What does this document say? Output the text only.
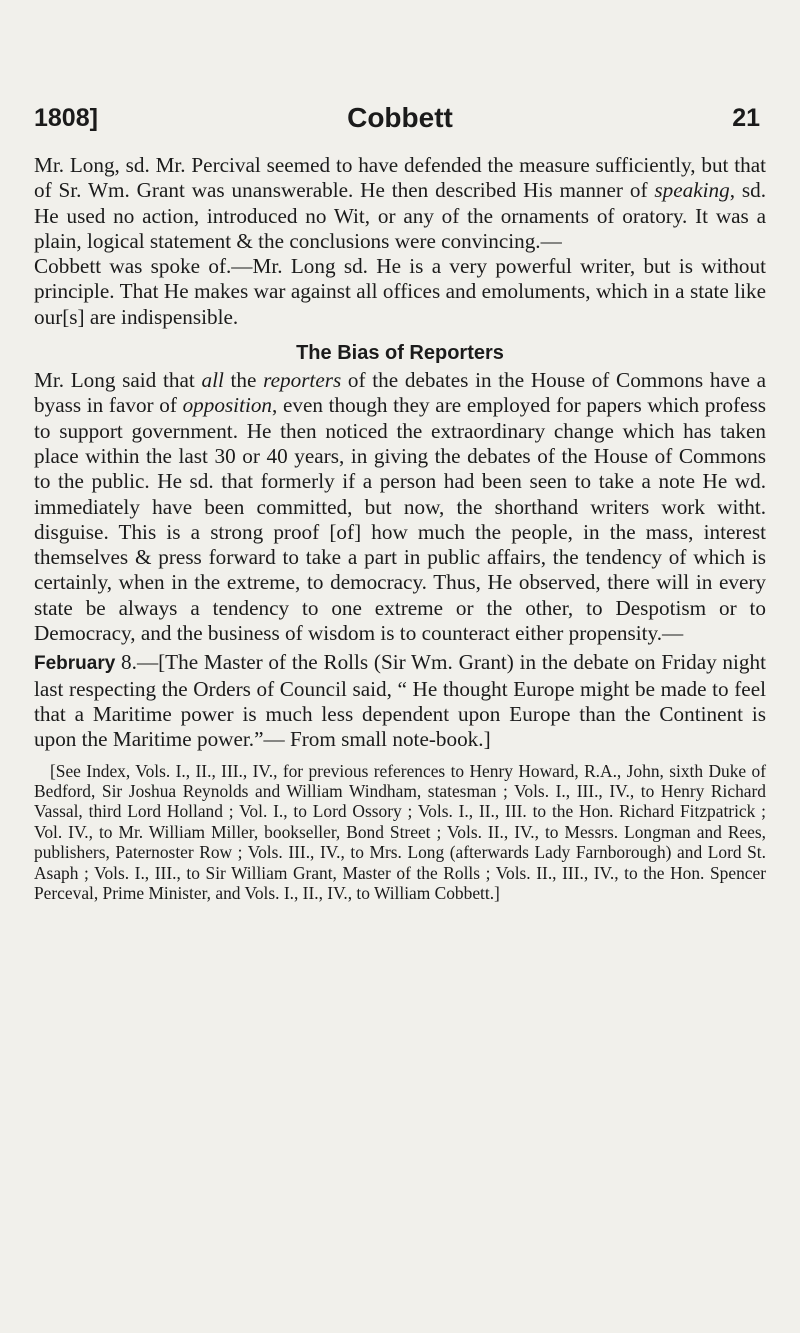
1808]	Cobbett	21

Mr. Long, sd. Mr. Percival seemed to have defended the measure sufficiently, but that of Sr. Wm. Grant was unanswerable. He then described His manner of speaking, sd. He used no action, introduced no Wit, or any of the ornaments of oratory. It was a plain, logical statement & the conclusions were convincing.—

Cobbett was spoke of.—Mr. Long sd. He is a very powerful writer, but is without principle. That He makes war against all offices and emoluments, which in a state like our[s] are indispensible.

The Bias of Reporters

Mr. Long said that all the reporters of the debates in the House of Commons have a byass in favor of opposition, even though they are employed for papers which profess to support government. He then noticed the extraordinary change which has taken place within the last 30 or 40 years, in giving the debates of the House of Commons to the public. He sd. that formerly if a person had been seen to take a note He wd. immediately have been committed, but now, the shorthand writers work witht. disguise. This is a strong proof [of] how much the people, in the mass, interest themselves & press forward to take a part in public affairs, the tendency of which is certainly, when in the extreme, to democracy. Thus, He observed, there will in every state be always a tendency to one extreme or the other, to Despotism or to Democracy, and the business of wisdom is to counteract either propensity.—

February 8.—[The Master of the Rolls (Sir Wm. Grant) in the debate on Friday night last respecting the Orders of Council said, “ He thought Europe might be made to feel that a Maritime power is much less dependent upon Europe than the Continent is upon the Maritime power.”— From small note-book.]

[See Index, Vols. I., II., III., IV., for previous references to Henry Howard, R.A., John, sixth Duke of Bedford, Sir Joshua Reynolds and William Windham, statesman ; Vols. I., III., IV., to Henry Richard Vassal, third Lord Holland ; Vol. I., to Lord Ossory ; Vols. I., II., III. to the Hon. Richard Fitzpatrick ; Vol. IV., to Mr. William Miller, bookseller, Bond Street ; Vols. II., IV., to Messrs. Longman and Rees, publishers, Paternoster Row ; Vols. III., IV., to Mrs. Long (afterwards Lady Farnborough) and Lord St. Asaph ; Vols. I., III., to Sir William Grant, Master of the Rolls ; Vols. II., III., IV., to the Hon. Spencer Perceval, Prime Minister, and Vols. I., II., IV., to William Cobbett.]
